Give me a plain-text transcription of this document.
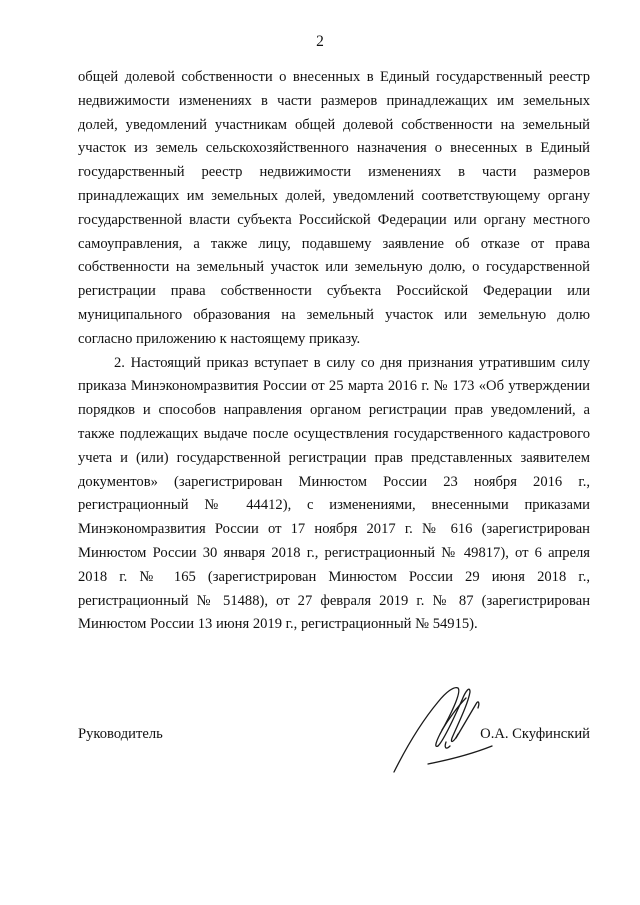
2

общей долевой собственности о внесенных в Единый государственный реестр недвижимости изменениях в части размеров принадлежащих им земельных долей, уведомлений участникам общей долевой собственности на земельный участок из земель сельскохозяйственного назначения о внесенных в Единый государственный реестр недвижимости изменениях в части размеров принадлежащих им земельных долей, уведомлений соответствующему органу государственной власти субъекта Российской Федерации или органу местного самоуправления, а также лицу, подавшему заявление об отказе от права собственности на земельный участок или земельную долю, о государственной регистрации права собственности субъекта Российской Федерации или муниципального образования на земельный участок или земельную долю согласно приложению к настоящему приказу.

2. Настоящий приказ вступает в силу со дня признания утратившим силу приказа Минэкономразвития России от 25 марта 2016 г. № 173 «Об утверждении порядков и способов направления органом регистрации прав уведомлений, а также подлежащих выдаче после осуществления государственного кадастрового учета и (или) государственной регистрации прав представленных заявителем документов» (зарегистрирован Минюстом России 23 ноября 2016 г., регистрационный № 44412), с изменениями, внесенными приказами Минэкономразвития России от 17 ноября 2017 г. № 616 (зарегистрирован Минюстом России 30 января 2018 г., регистрационный № 49817), от 6 апреля 2018 г. № 165 (зарегистрирован Минюстом России 29 июня 2018 г., регистрационный № 51488), от 27 февраля 2019 г. № 87 (зарегистрирован Минюстом России 13 июня 2019 г., регистрационный № 54915).

Руководитель	О.А. Скуфинский
